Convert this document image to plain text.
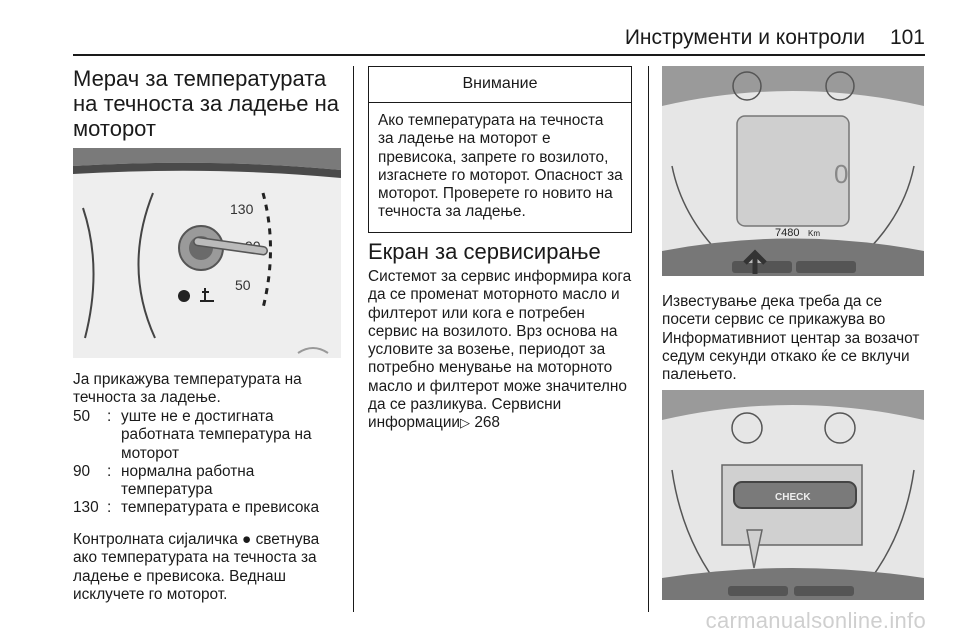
Инструменти и контроли 101
Мерач за температурата на течноста за ладење на моторот
130
50
Ја прикажува температурата на течноста за ладење.
50	:	уште не е достигната работната температура на моторот
90	:	нормална работна температура
130	:	температурата е превисока
Контролната сијаличка ● светнува ако температурата на течноста за ладење е превисока. Веднаш исклучете го моторот.
Внимание
Ако температурата на течноста за ладење на моторот е превисока, запрете го возилото, изгаснете го моторот. Опасност за моторот. Проверете го новито на течноста за ладење.
Екран за сервисирање
Системот за сервис информира кога да се променат моторното масло и филтерот или кога е потребен сервис на возилото. Врз основа на условите за возење, периодот за потребно менување на моторното масло и филтерот може значително да се разликува. Сервисни информации▷ 268
0
7480 Km
Известување дека треба да се посети сервис се прикажува во Информативниот центар за возачот седум секунди откако ќе се вклучи палењето.
CHECK
carmanualsonline.info
